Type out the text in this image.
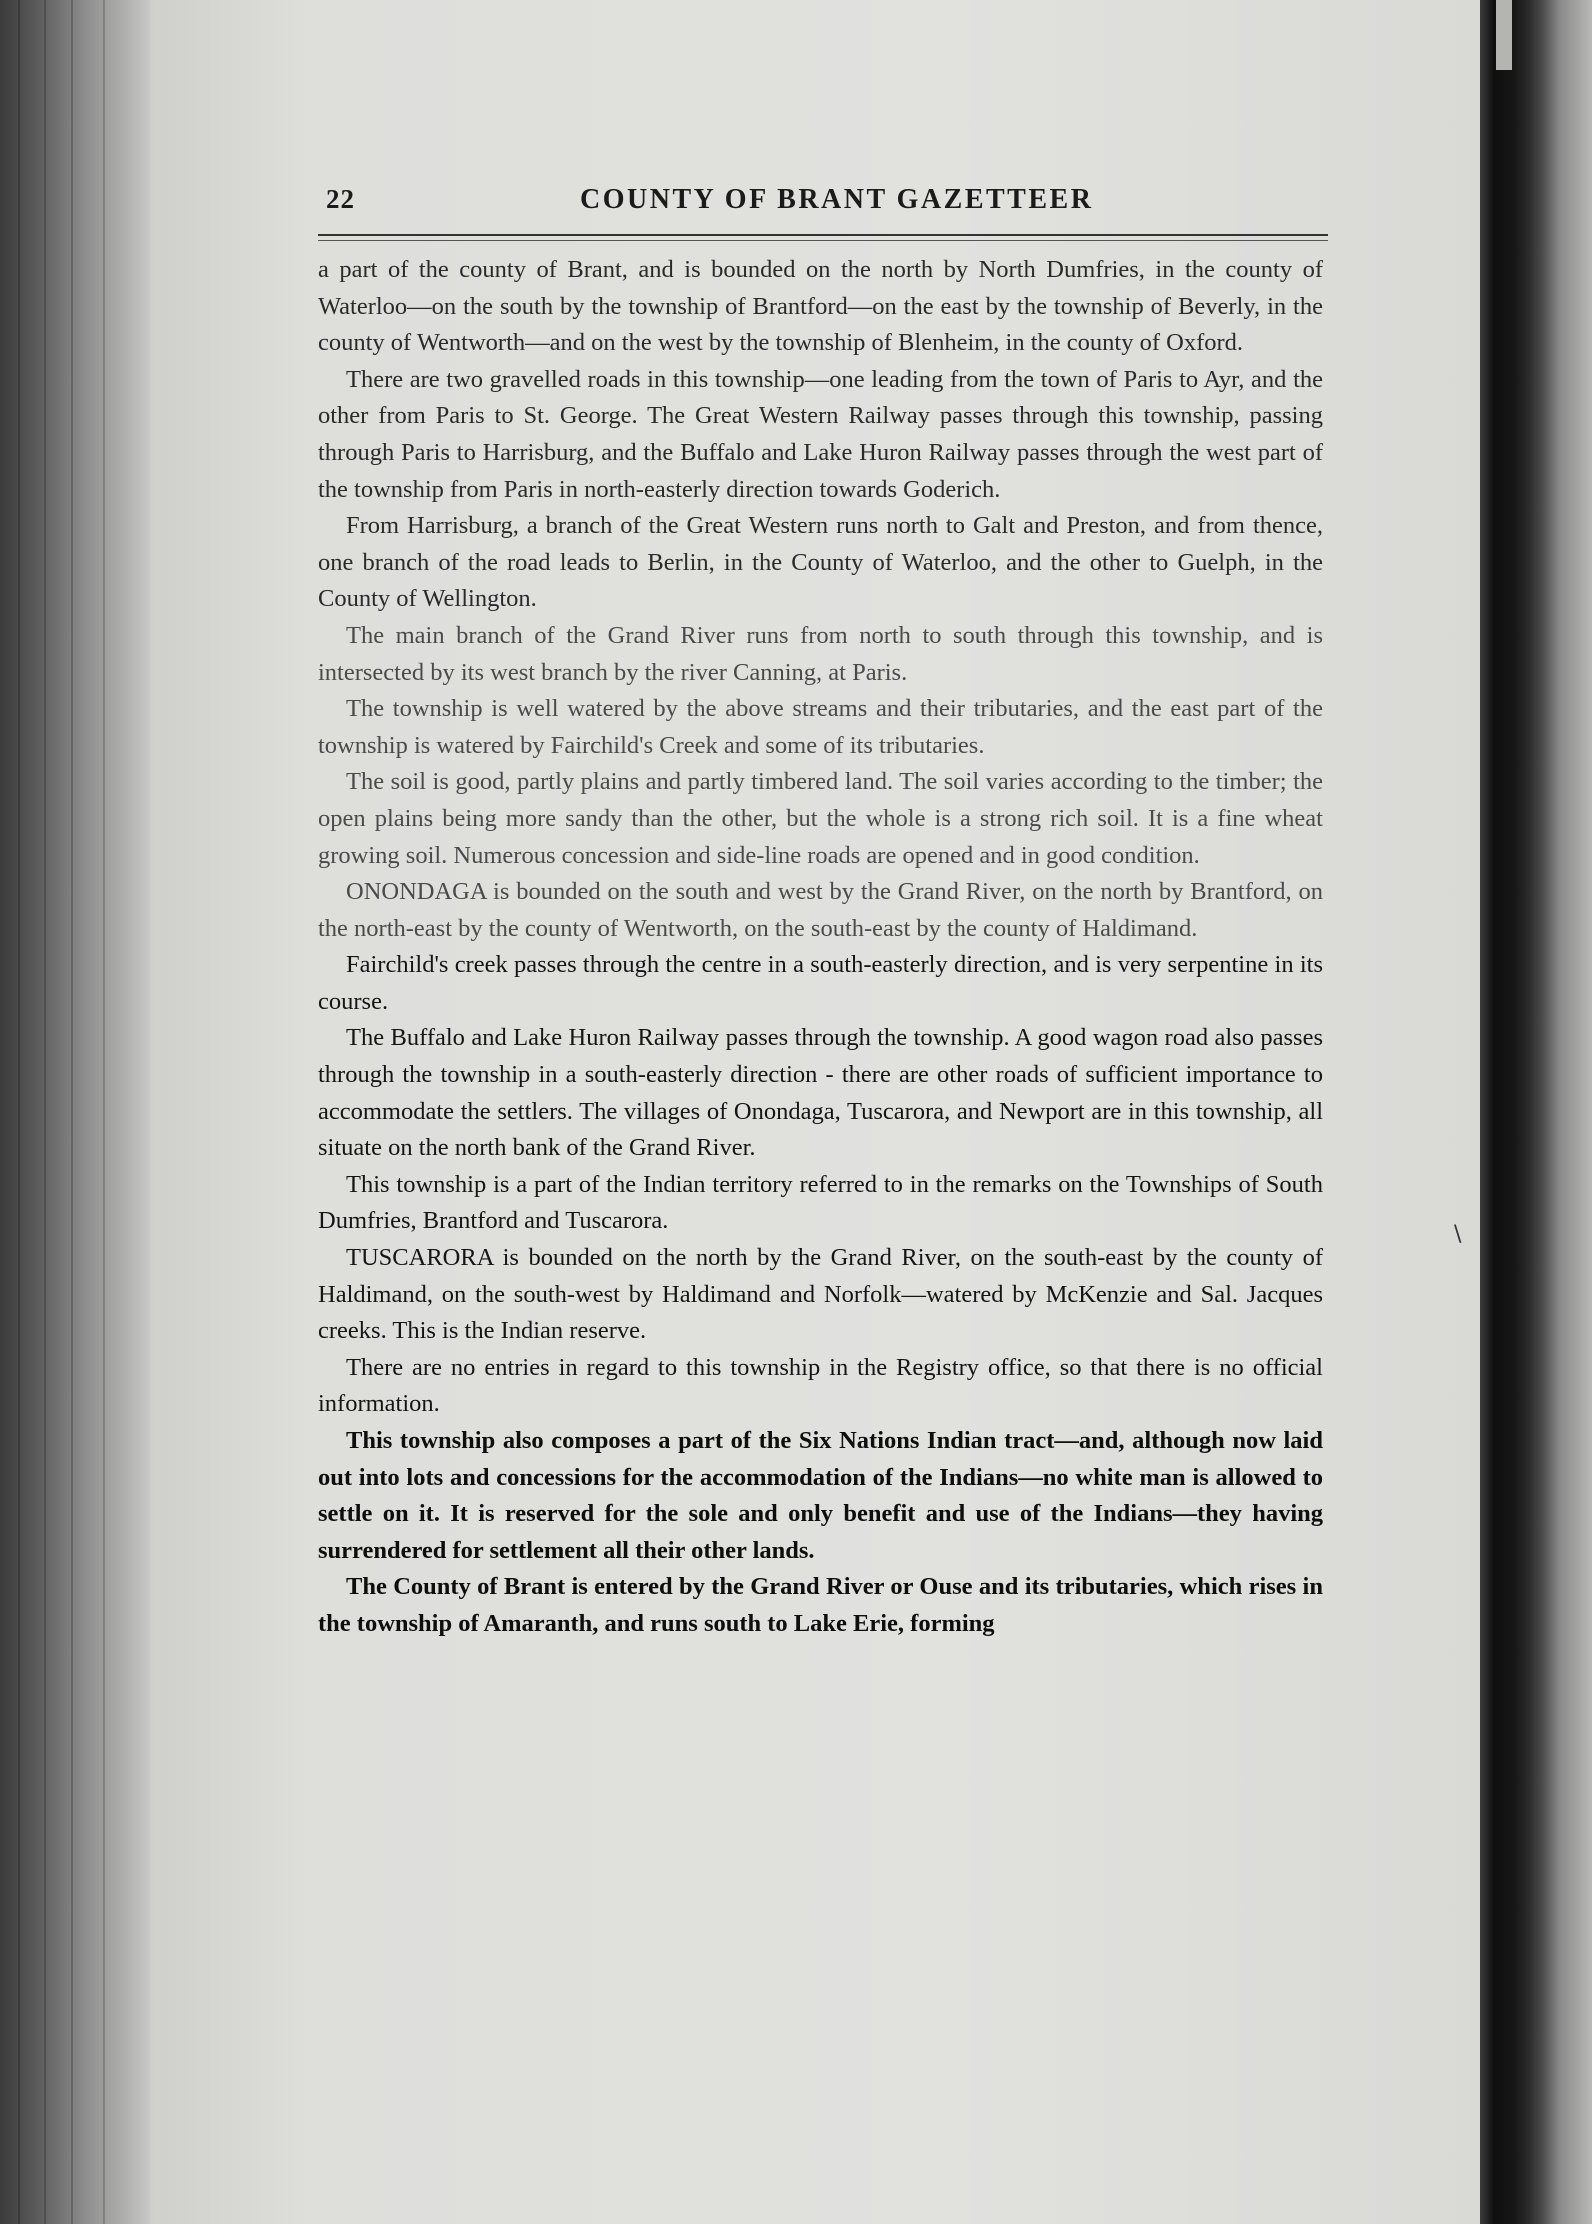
22	COUNTY OF BRANT GAZETTEER

a part of the county of Brant, and is bounded on the north by North Dumfries, in the county of Waterloo—on the south by the township of Brantford—on the east by the township of Beverly, in the county of Wentworth—and on the west by the township of Blenheim, in the county of Oxford.

There are two gravelled roads in this township—one leading from the town of Paris to Ayr, and the other from Paris to St. George. The Great Western Railway passes through this township, passing through Paris to Harrisburg, and the Buffalo and Lake Huron Railway passes through the west part of the township from Paris in north-easterly direction towards Goderich.

From Harrisburg, a branch of the Great Western runs north to Galt and Preston, and from thence, one branch of the road leads to Berlin, in the County of Waterloo, and the other to Guelph, in the County of Wellington.

The main branch of the Grand River runs from north to south through this township, and is intersected by its west branch by the river Canning, at Paris.

The township is well watered by the above streams and their tributaries, and the east part of the township is watered by Fairchild's Creek and some of its tributaries.

The soil is good, partly plains and partly timbered land. The soil varies according to the timber; the open plains being more sandy than the other, but the whole is a strong rich soil. It is a fine wheat growing soil. Numerous concession and side-line roads are opened and in good condition.

ONONDAGA is bounded on the south and west by the Grand River, on the north by Brantford, on the north-east by the county of Wentworth, on the south-east by the county of Haldimand.

Fairchild's creek passes through the centre in a south-easterly direction, and is very serpentine in its course.

The Buffalo and Lake Huron Railway passes through the township. A good wagon road also passes through the township in a south-easterly direction - there are other roads of sufficient importance to accommodate the settlers. The villages of Onondaga, Tuscarora, and Newport are in this township, all situate on the north bank of the Grand River.

This township is a part of the Indian territory referred to in the remarks on the Townships of South Dumfries, Brantford and Tuscarora.

TUSCARORA is bounded on the north by the Grand River, on the south-east by the county of Haldimand, on the south-west by Haldimand and Norfolk—watered by McKenzie and Sal. Jacques creeks. This is the Indian reserve.

There are no entries in regard to this township in the Registry office, so that there is no official information.

This township also composes a part of the Six Nations Indian tract—and, although now laid out into lots and concessions for the accommodation of the Indians—no white man is allowed to settle on it. It is reserved for the sole and only benefit and use of the Indians—they having surrendered for settlement all their other lands.

The County of Brant is entered by the Grand River or Ouse and its tributaries, which rises in the township of Amaranth, and runs south to Lake Erie, forming

\
